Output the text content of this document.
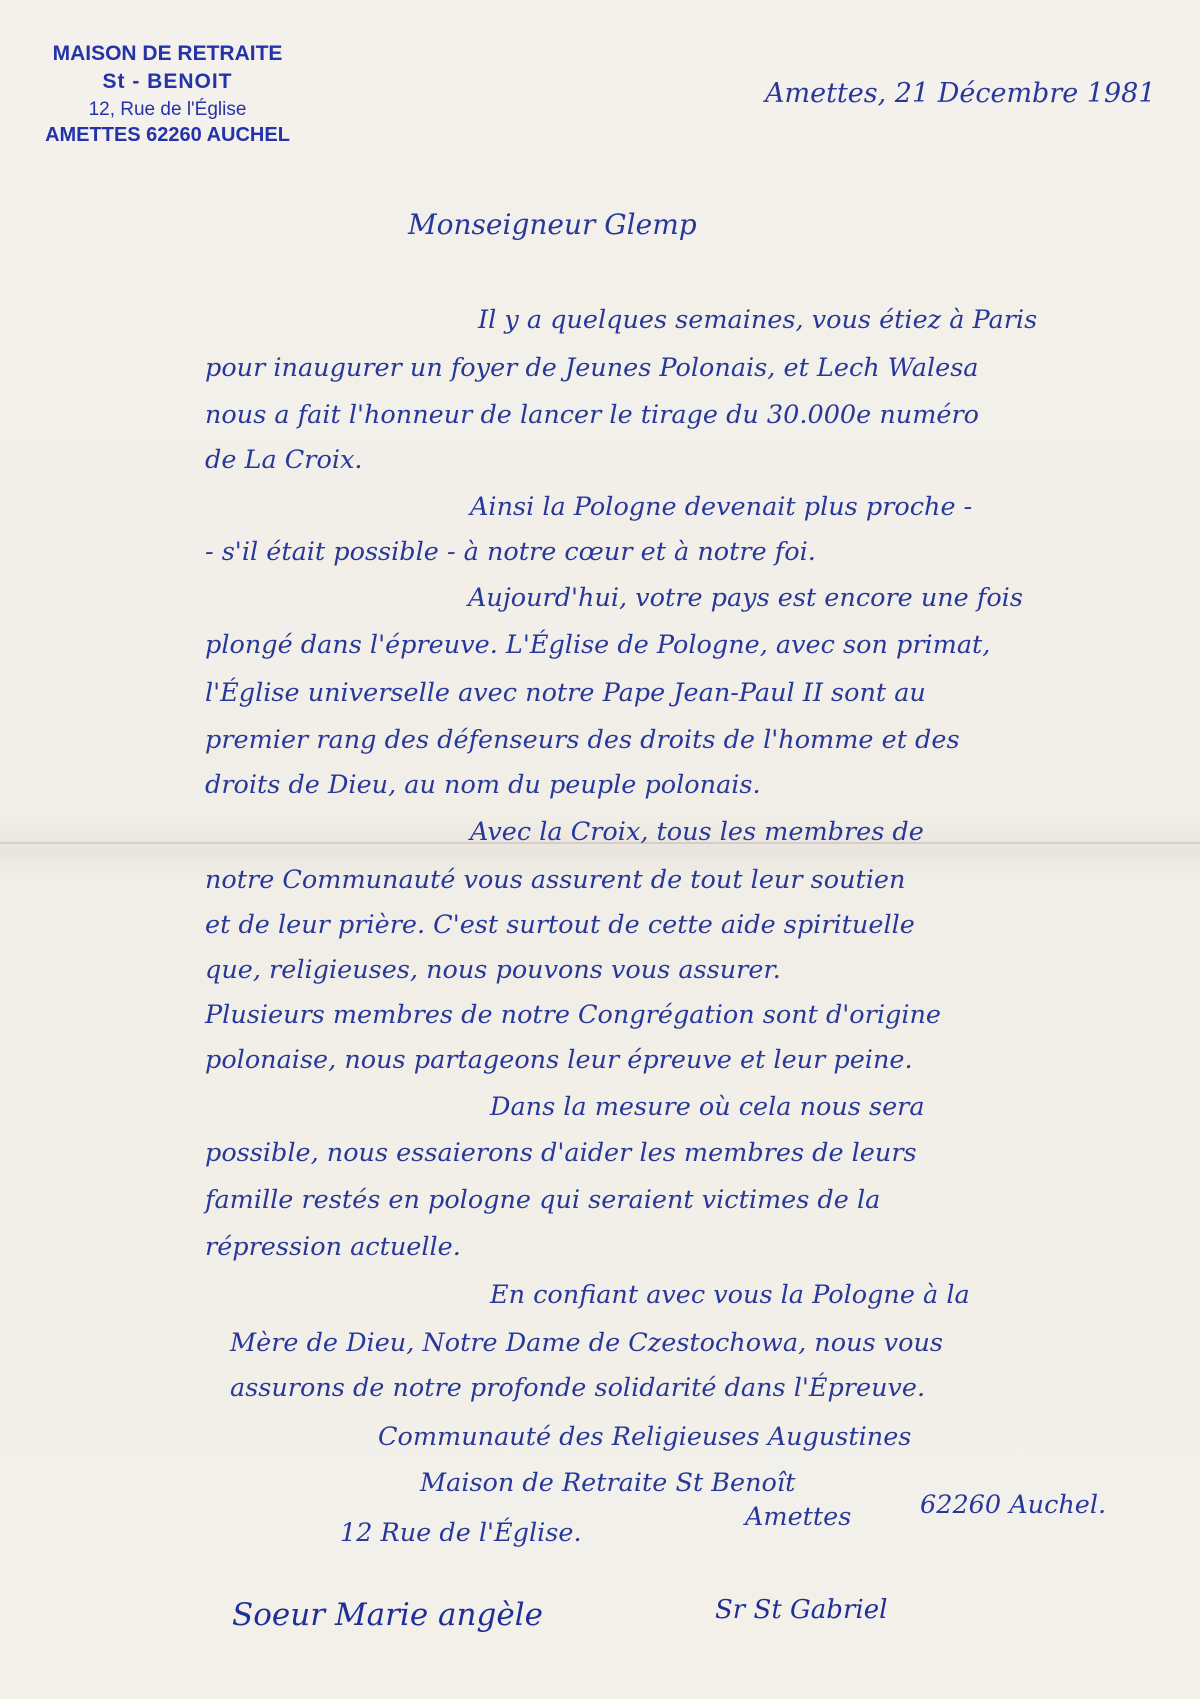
MAISON DE RETRAITE
St - BENOIT
12, Rue de l'Église
AMETTES 62260 AUCHEL
Amettes, 21 Décembre 1981
Monseigneur Glemp
Il y a quelques semaines, vous étiez à Paris
pour inaugurer un foyer de Jeunes Polonais, et Lech Walesa
nous a fait l'honneur de lancer le tirage du 30.000e numéro
de La Croix.
Ainsi la Pologne devenait plus proche -
- s'il était possible - à notre cœur et à notre foi.
Aujourd'hui, votre pays est encore une fois
plongé dans l'épreuve. L'Église de Pologne, avec son primat,
l'Église universelle avec notre Pape Jean-Paul II sont au
premier rang des défenseurs des droits de l'homme et des
droits de Dieu, au nom du peuple polonais.
Avec la Croix, tous les membres de
notre Communauté vous assurent de tout leur soutien
et de leur prière. C'est surtout de cette aide spirituelle
que, religieuses, nous pouvons vous assurer.
Plusieurs membres de notre Congrégation sont d'origine
polonaise, nous partageons leur épreuve et leur peine.
Dans la mesure où cela nous sera
possible, nous essaierons d'aider les membres de leurs
famille restés en pologne qui seraient victimes de la
répression actuelle.
En confiant avec vous la Pologne à la
Mère de Dieu, Notre Dame de Czestochowa, nous vous
assurons de notre profonde solidarité dans l'Épreuve.
Communauté des Religieuses Augustines
Maison de Retraite St Benoît
12 Rue de l'Église.
Amettes	62260 Auchel.
Soeur Marie angèle	Sr St Gabriel
